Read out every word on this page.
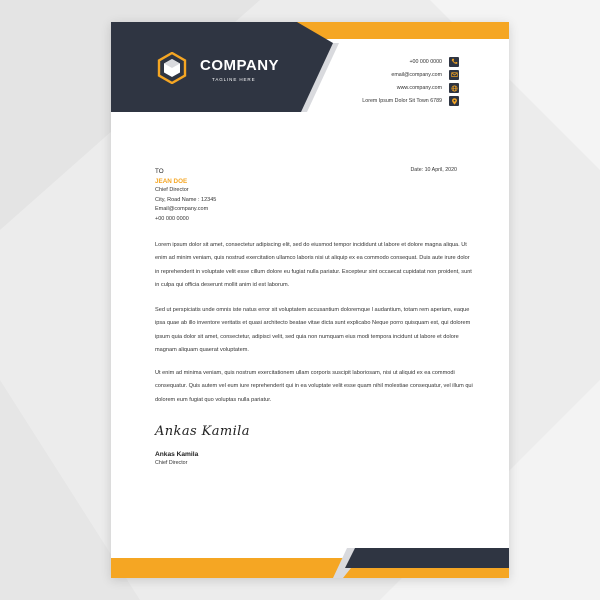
COMPANY
TAGLINE HERE
+00 000 0000
email@company.com
www.company.com
Lorem Ipsum Dolor Sit Town 6789
TO
JEAN DOE
Chief Director
City, Road Name : 12345
Email@company.com
+00 000 0000
Date: 10 April, 2020

Lorem ipsum dolor sit amet, consectetur adipiscing elit, sed do eiusmod tempor incididunt ut labore et dolore magna aliqua. Ut enim ad minim veniam, quis nostrud exercitation ullamco laboris nisi ut aliquip ex ea commodo consequat. Duis aute irure dolor in reprehenderit in voluptate velit esse cillum dolore eu fugiat nulla pariatur. Excepteur sint occaecat cupidatat non proident, sunt in culpa qui officia deserunt mollit anim id est laborum.

Sed ut perspiciatis unde omnis iste natus error sit voluptatem accusantium doloremque l audantium, totam rem aperiam, eaque ipsa quae ab illo inventore veritatis et quasi architecto beatae vitae dicta sunt explicabo Neque porro quisquam est, qui dolorem ipsum quia dolor sit amet, consectetur, adipisci velit, sed quia non numquam eius modi tempora incidunt ut labore et dolore magnam aliquam quaerat voluptatem.

Ut enim ad minima veniam, quis nostrum exercitationem ullam corporis suscipit laboriosam, nisi ut aliquid ex ea commodi consequatur. Quis autem vel eum iure reprehenderit qui in ea voluptate velit esse quam nihil molestiae consequatur, vel illum qui dolorem eum fugiat quo voluptas nulla pariatur.

Ankas Kamila
Ankas Kamila
Chief Director
